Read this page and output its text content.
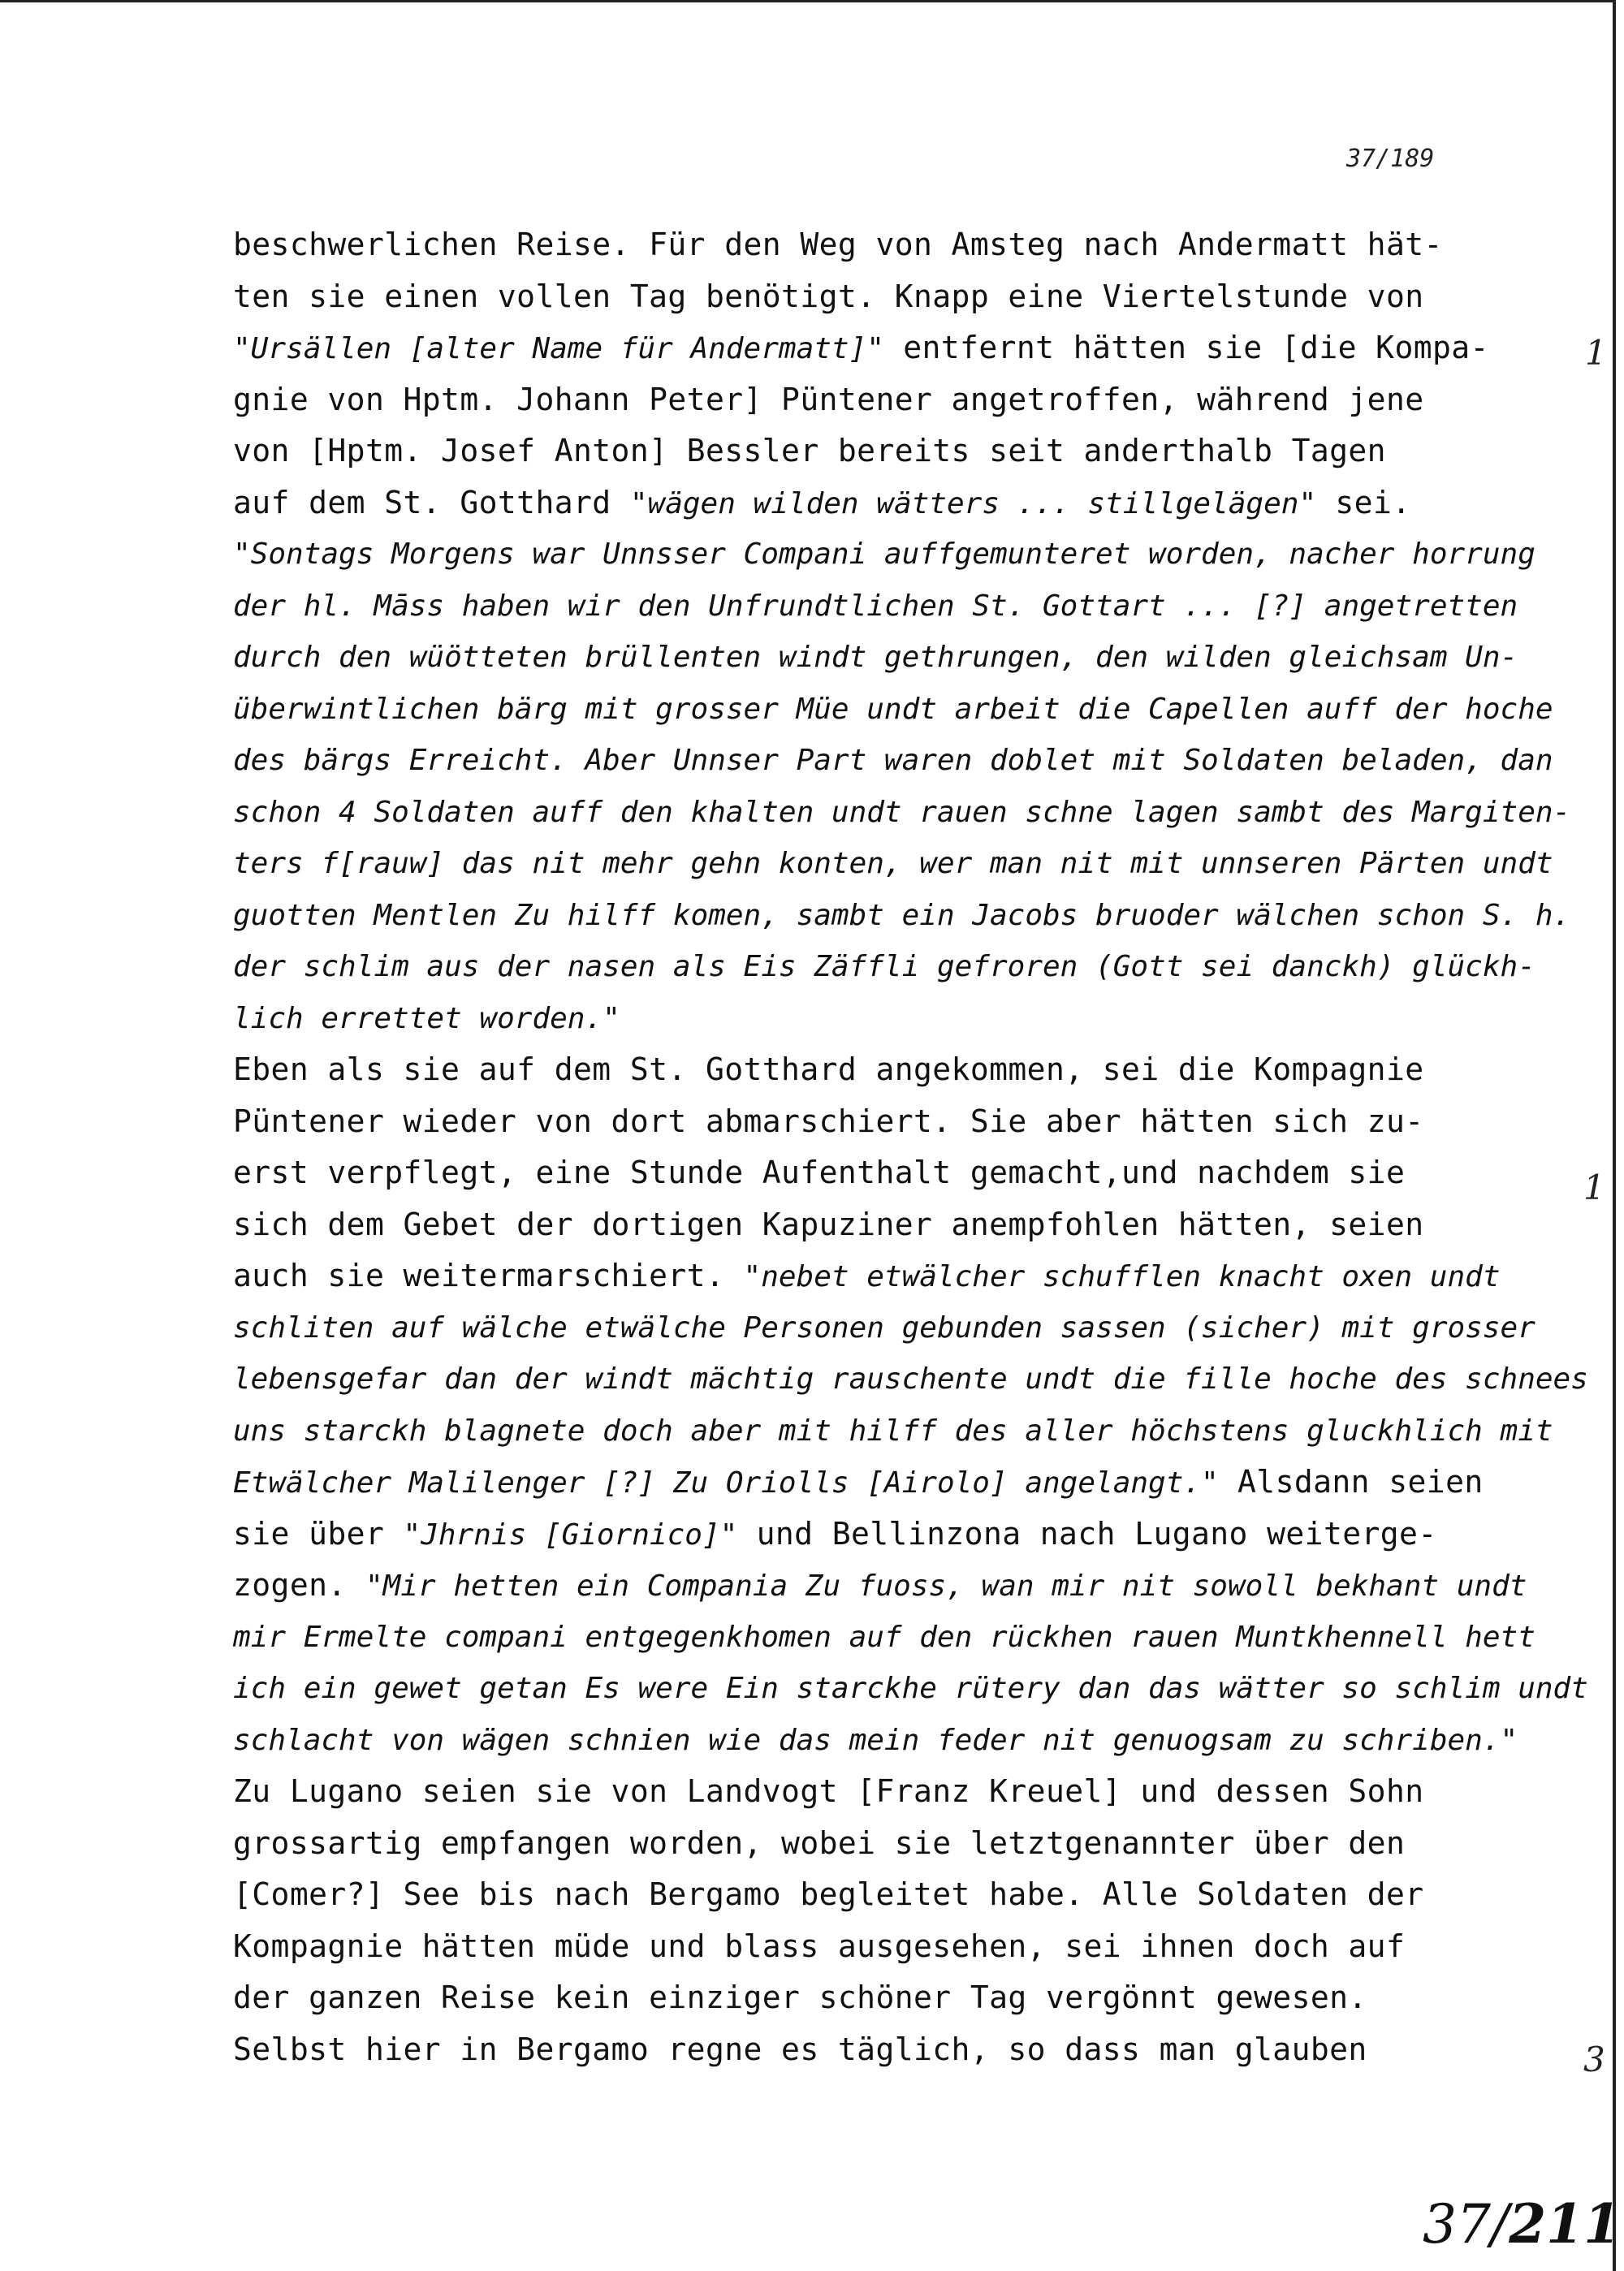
37/189
beschwerlichen Reise. Für den Weg von Amsteg nach Andermatt hät-
ten sie einen vollen Tag benötigt. Knapp eine Viertelstunde von
"Ursällen [alter Name für Andermatt]" entfernt hätten sie [die Kompa-
gnie von Hptm. Johann Peter] Püntener angetroffen, während jene
von [Hptm. Josef Anton] Bessler bereits seit anderthalb Tagen
auf dem St. Gotthard "wägen wilden wätters ... stillgelägen" sei.
"Sontags Morgens war Unnsser Compani auffgemunteret worden, nacher horrung
der hl. Māss haben wir den Unfrundtlichen St. Gottart ... [?] angetretten
durch den wüötteten brüllenten windt gethrungen, den wilden gleichsam Un-
überwintlichen bärg mit grosser Müe undt arbeit die Capellen auff der hoche
des bärgs Erreicht. Aber Unnser Part waren doblet mit Soldaten beladen, dan
schon 4 Soldaten auff den khalten undt rauen schne lagen sambt des Margiten-
ters f[rauw] das nit mehr gehn konten, wer man nit mit unnseren Pärten undt
guotten Mentlen Zu hilff komen, sambt ein Jacobs bruoder wälchen schon S. h.
der schlim aus der nasen als Eis Zäffli gefroren (Gott sei danckh) glückh-
lich errettet worden."
Eben als sie auf dem St. Gotthard angekommen, sei die Kompagnie
Püntener wieder von dort abmarschiert. Sie aber hätten sich zu-
erst verpflegt, eine Stunde Aufenthalt gemacht,und nachdem sie
sich dem Gebet der dortigen Kapuziner anempfohlen hätten, seien
auch sie weitermarschiert. "nebet etwälcher schufflen knacht oxen undt
schliten auf wälche etwälche Personen gebunden sassen (sicher) mit grosser
lebensgefar dan der windt mächtig rauschente undt die fille hoche des schnees
uns starckh blagnete doch aber mit hilff des aller höchstens gluckhlich mit
Etwälcher Malilenger [?] Zu Oriolls [Airolo] angelangt." Alsdann seien
sie über "Jhrnis [Giornico]" und Bellinzona nach Lugano weiterge-
zogen. "Mir hetten ein Compania Zu fuoss, wan mir nit sowoll bekhant undt
mir Ermelte compani entgegenkhomen auf den rückhen rauen Muntkhennell hett
ich ein gewet getan Es were Ein starckhe rütery dan das wätter so schlim undt
schlacht von wägen schnien wie das mein feder nit genuogsam zu schriben."
Zu Lugano seien sie von Landvogt [Franz Kreuel] und dessen Sohn
grossartig empfangen worden, wobei sie letztgenannter über den
[Comer?] See bis nach Bergamo begleitet habe. Alle Soldaten der
Kompagnie hätten müde und blass ausgesehen, sei ihnen doch auf
der ganzen Reise kein einziger schöner Tag vergönnt gewesen.
Selbst hier in Bergamo regne es täglich, so dass man glauben
1
1
3
37/211
